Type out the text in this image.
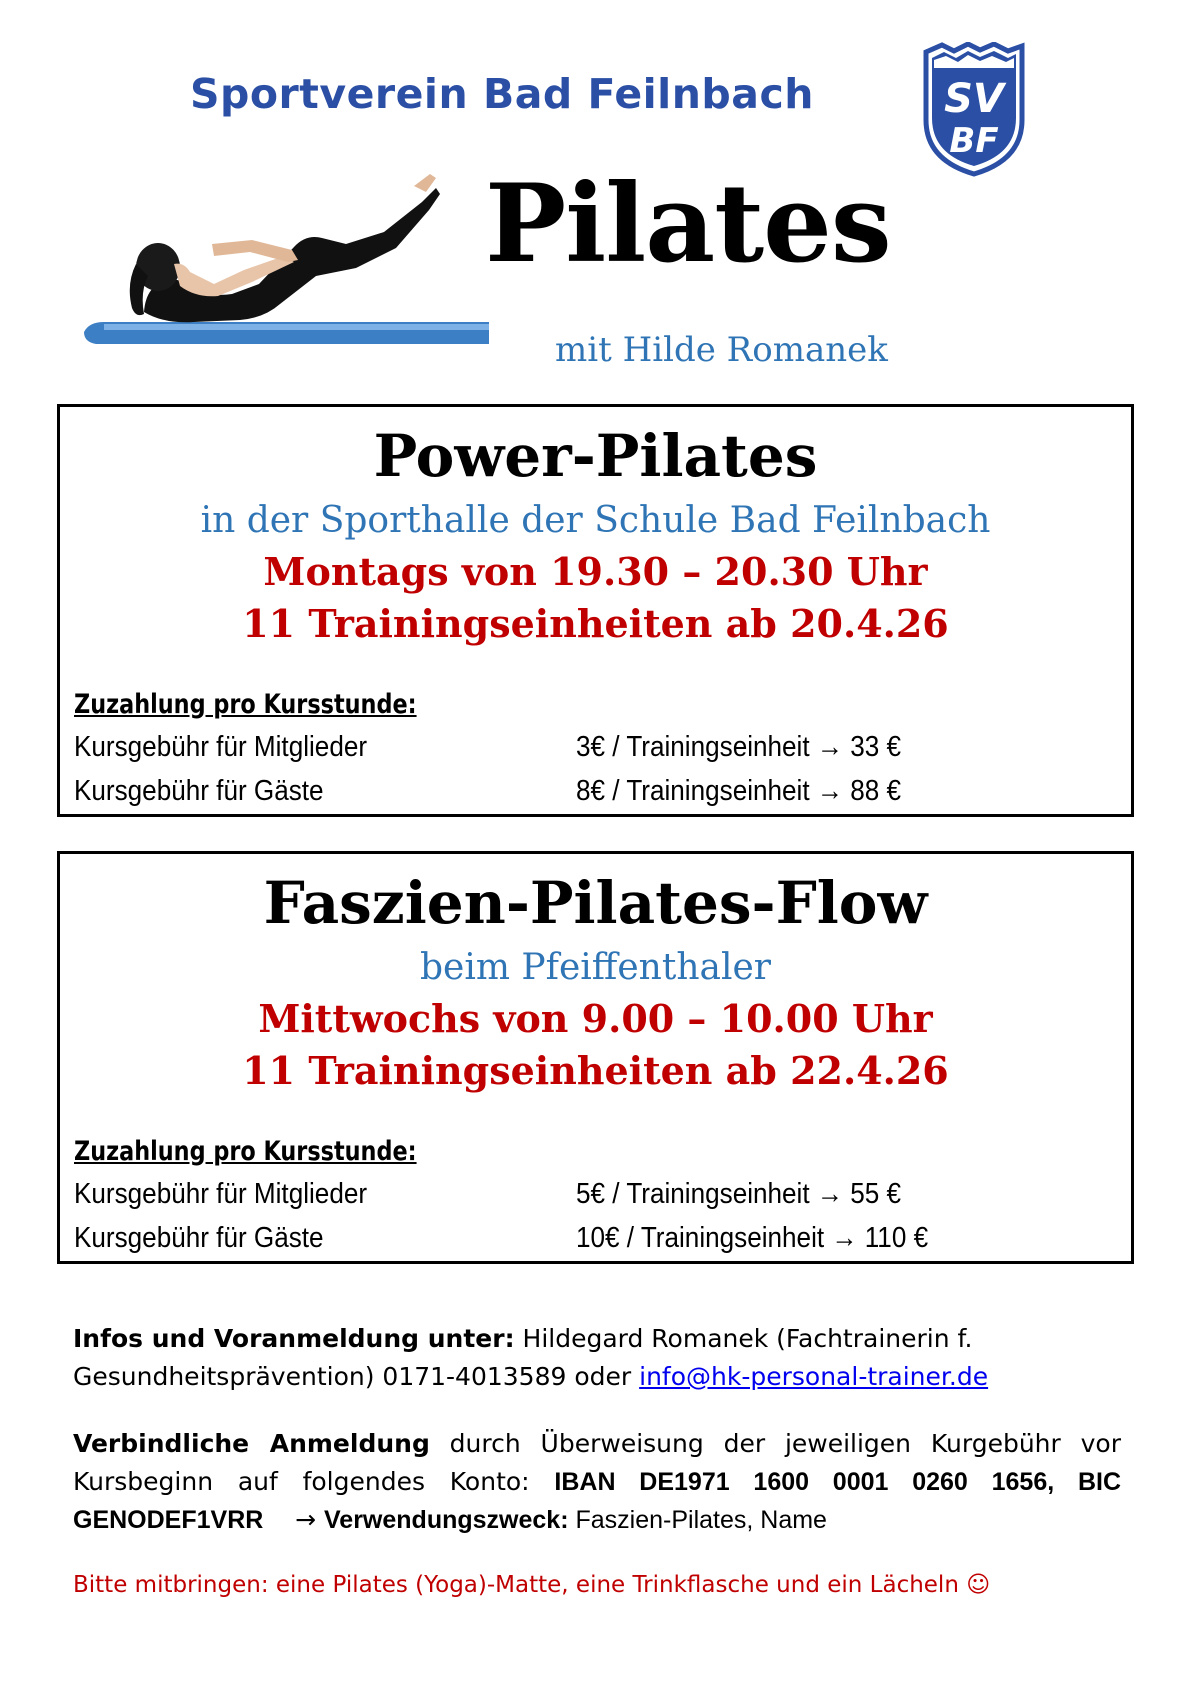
Sportverein Bad Feilnbach	SV
BF
Pilates
mit Hilde Romanek
Power-Pilates
in der Sporthalle der Schule Bad Feilnbach
Montags von 19.30 – 20.30 Uhr
11 Trainingseinheiten ab 20.4.26
Zuzahlung pro Kursstunde:
Kursgebühr für Mitglieder	3€ / Trainingseinheit → 33 €
Kursgebühr für Gäste	8€ / Trainingseinheit → 88 €
Faszien-Pilates-Flow
beim Pfeiffenthaler
Mittwochs von 9.00 – 10.00 Uhr
11 Trainingseinheiten ab 22.4.26
Zuzahlung pro Kursstunde:
Kursgebühr für Mitglieder	5€ / Trainingseinheit → 55 €
Kursgebühr für Gäste	10€ / Trainingseinheit → 110 €
Infos und Voranmeldung unter: Hildegard Romanek (Fachtrainerin f. Gesundheitsprävention) 0171-4013589 oder info@hk-personal-trainer.de
Verbindliche Anmeldung durch Überweisung der jeweiligen Kurgebühr vor Kursbeginn auf folgendes Konto: IBAN DE1971 1600 0001 0260 1656, BIC GENODEF1VRR    → Verwendungszweck: Faszien-Pilates, Name
Bitte mitbringen: eine Pilates (Yoga)-Matte, eine Trinkflasche und ein Lächeln ☺
